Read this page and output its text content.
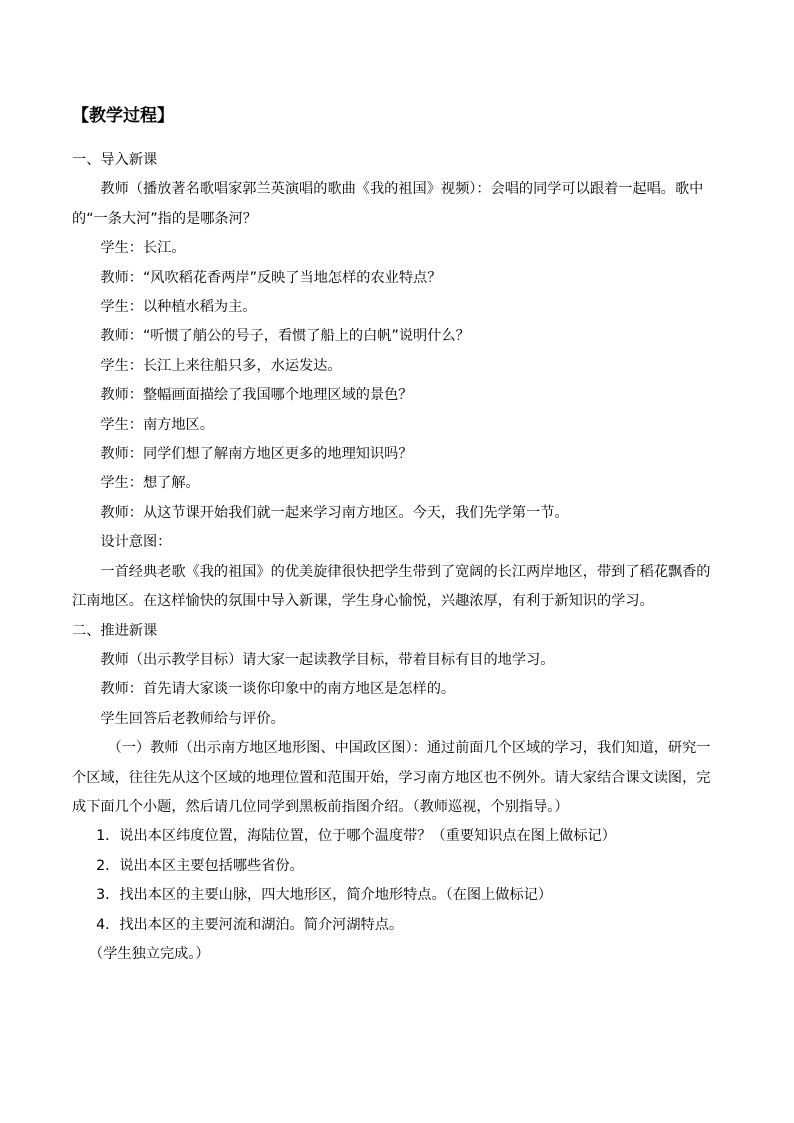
【教学过程】

一、导入新课

教师（播放著名歌唱家郭兰英演唱的歌曲《我的祖国》视频）：会唱的同学可以跟着一起唱。歌中的“一条大河”指的是哪条河？

学生：长江。

教师：“风吹稻花香两岸”反映了当地怎样的农业特点？

学生：以种植水稻为主。

教师：“听惯了艄公的号子，看惯了船上的白帆”说明什么？

学生：长江上来往船只多，水运发达。

教师：整幅画面描绘了我国哪个地理区域的景色？

学生：南方地区。

教师：同学们想了解南方地区更多的地理知识吗？

学生：想了解。

教师：从这节课开始我们就一起来学习南方地区。今天，我们先学第一节。

设计意图：

一首经典老歌《我的祖国》的优美旋律很快把学生带到了宽阔的长江两岸地区，带到了稻花飘香的江南地区。在这样愉快的氛围中导入新课，学生身心愉悦，兴趣浓厚，有利于新知识的学习。

二、推进新课

教师（出示教学目标）请大家一起读教学目标，带着目标有目的地学习。

教师：首先请大家谈一谈你印象中的南方地区是怎样的。

学生回答后老教师给与评价。

（一）教师（出示南方地区地形图、中国政区图）：通过前面几个区域的学习，我们知道，研究一个区域，往往先从这个区域的地理位置和范围开始，学习南方地区也不例外。请大家结合课文读图，完成下面几个小题，然后请几位同学到黑板前指图介绍。（教师巡视，个别指导。）

1．说出本区纬度位置，海陆位置，位于哪个温度带？（重要知识点在图上做标记）

2．说出本区主要包括哪些省份。

3．找出本区的主要山脉，四大地形区，简介地形特点。（在图上做标记）

4．找出本区的主要河流和湖泊。简介河湖特点。

（学生独立完成。）
